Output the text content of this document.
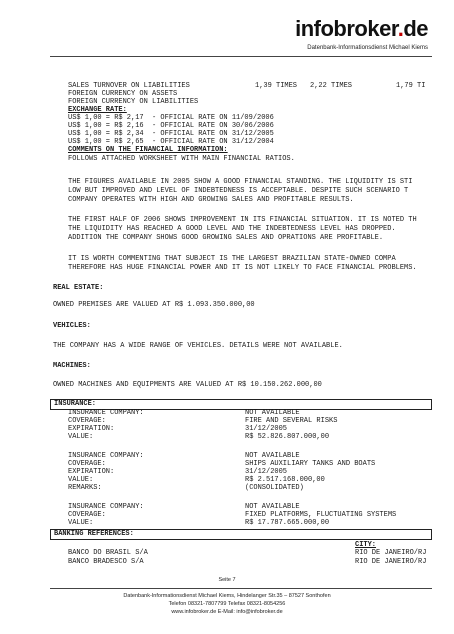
infobroker.de
Datenbank-Informationsdienst Michael Kiems
SALES TURNOVER ON LIABILITIES	1,39 TIMES 2,22 TIMES	1,79 TI
FOREIGN CURRENCY ON ASSETS
FOREIGN CURRENCY ON LIABILITIES
EXCHANGE RATE:
US$ 1,00 = R$ 2,17  - OFFICIAL RATE ON 11/09/2006
US$ 1,00 = R$ 2,16  - OFFICIAL RATE ON 30/06/2006
US$ 1,00 = R$ 2,34  - OFFICIAL RATE ON 31/12/2005
US$ 1,00 = R$ 2,65  - OFFICIAL RATE ON 31/12/2004
COMMENTS ON THE FINANCIAL INFORMATION:
FOLLOWS ATTACHED WORKSHEET WITH MAIN FINANCIAL RATIOS.
THE FIGURES AVAILABLE IN 2005 SHOW A GOOD FINANCIAL STANDING. THE LIQUIDITY IS STI
LOW BUT IMPROVED AND LEVEL OF INDEBTEDNESS IS ACCEPTABLE. DESPITE SUCH SCENARIO T
COMPANY OPERATES WITH HIGH AND GROWING SALES AND PROFITABLE RESULTS.
THE FIRST HALF OF 2006 SHOWS IMPROVEMENT IN ITS FINANCIAL SITUATION. IT IS NOTED TH
THE LIQUIDITY HAS REACHED A GOOD LEVEL AND THE INDEBTEDNESS LEVEL HAS DROPPED.
ADDITION THE COMPANY SHOWS GOOD GROWING SALES AND OPRATIONS ARE PROFITABLE.
IT IS WORTH COMMENTING THAT SUBJECT IS THE LARGEST BRAZILIAN STATE-OWNED COMPA
THEREFORE HAS HUGE FINANCIAL POWER AND IT IS NOT LIKELY TO FACE FINANCIAL PROBLEMS.
REAL ESTATE:
OWNED PREMISES ARE VALUED AT R$ 1.093.350.000,00
VEHICLES:
THE COMPANY HAS A WIDE RANGE OF VEHICLES. DETAILS WERE NOT AVAILABLE.
MACHINES:
OWNED MACHINES AND EQUIPMENTS ARE VALUED AT R$ 10.150.262.000,00
INSURANCE:
INSURANCE COMPANY:	NOT AVAILABLE
COVERAGE:	FIRE AND SEVERAL RISKS
EXPIRATION:	31/12/2005
VALUE:	R$ 52.826.807.000,00
INSURANCE COMPANY:	NOT AVAILABLE
COVERAGE:	SHIPS AUXILIARY TANKS AND BOATS
EXPIRATION:	31/12/2005
VALUE:	R$ 2.517.168.000,00
REMARKS:	(CONSOLIDATED)
INSURANCE COMPANY:	NOT AVAILABLE
COVERAGE:	FIXED PLATFORMS, FLUCTUATING SYSTEMS
VALUE:	R$ 17.787.665.000,00
BANKING REFERENCES:
CITY:
BANCO DO BRASIL S/A	RIO DE JANEIRO/RJ
BANCO BRADESCO S/A	RIO DE JANEIRO/RJ
Seite 7
Datenbank-Informationsdienst Michael Kiems, Hindelanger Str.35 – 87527 Sonthofen
Telefon 08321-7807799 Telefax 08321-8054256
www.infobroker.de E-Mail: info@infobroker.de
